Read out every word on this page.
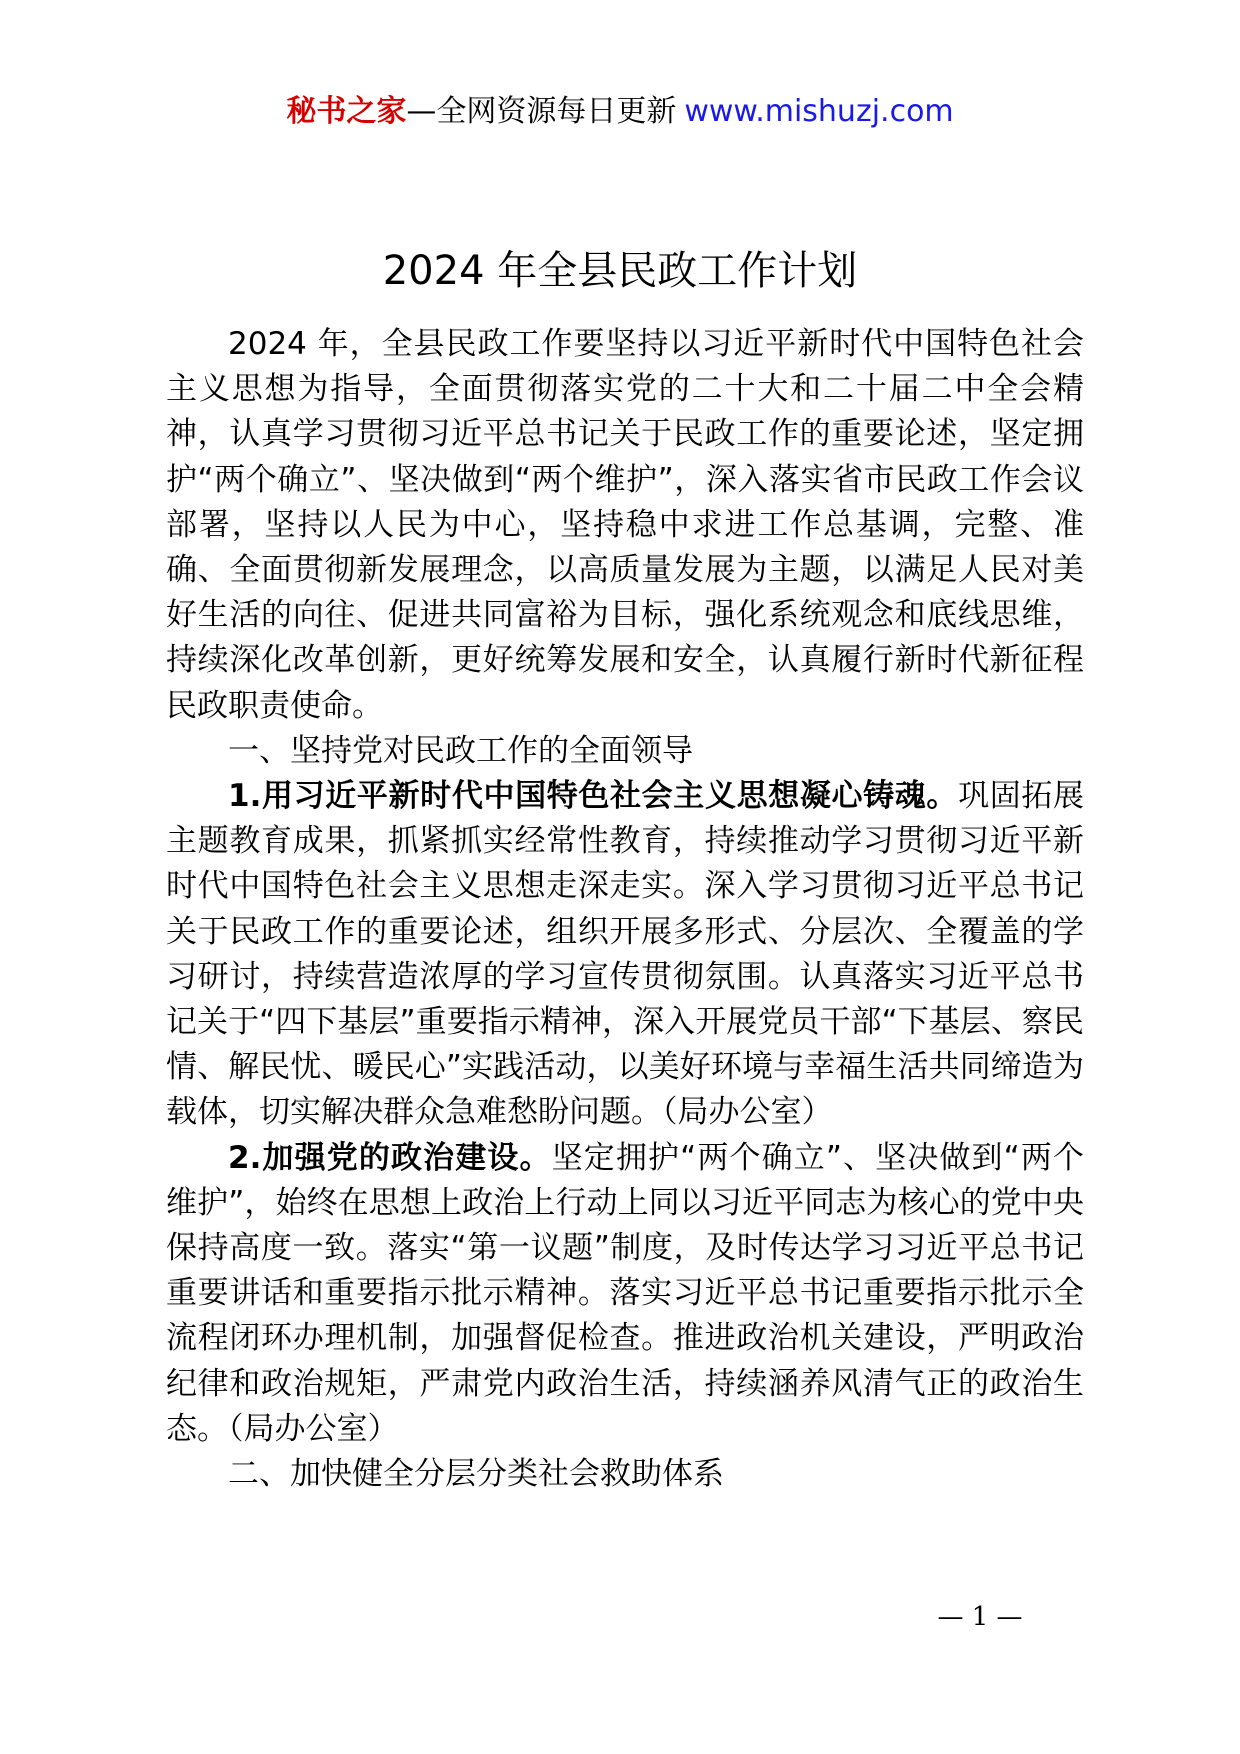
秘书之家—全网资源每日更新 www.mishuzj.com
2024 年全县民政工作计划

2024 年，全县民政工作要坚持以习近平新时代中国特色社会主义思想为指导，全面贯彻落实党的二十大和二十届二中全会精神，认真学习贯彻习近平总书记关于民政工作的重要论述，坚定拥护“两个确立”、坚决做到“两个维护”，深入落实省市民政工作会议部署，坚持以人民为中心，坚持稳中求进工作总基调，完整、准确、全面贯彻新发展理念，以高质量发展为主题，以满足人民对美好生活的向往、促进共同富裕为目标，强化系统观念和底线思维，持续深化改革创新，更好统筹发展和安全，认真履行新时代新征程民政职责使命。

一、坚持党对民政工作的全面领导

1.用习近平新时代中国特色社会主义思想凝心铸魂。巩固拓展主题教育成果，抓紧抓实经常性教育，持续推动学习贯彻习近平新时代中国特色社会主义思想走深走实。深入学习贯彻习近平总书记关于民政工作的重要论述，组织开展多形式、分层次、全覆盖的学习研讨，持续营造浓厚的学习宣传贯彻氛围。认真落实习近平总书记关于“四下基层”重要指示精神，深入开展党员干部“下基层、察民情、解民忧、暖民心”实践活动，以美好环境与幸福生活共同缔造为载体，切实解决群众急难愁盼问题。（局办公室）

2.加强党的政治建设。坚定拥护“两个确立”、坚决做到“两个维护”，始终在思想上政治上行动上同以习近平同志为核心的党中央保持高度一致。落实“第一议题”制度，及时传达学习习近平总书记重要讲话和重要指示批示精神。落实习近平总书记重要指示批示全流程闭环办理机制，加强督促检查。推进政治机关建设，严明政治纪律和政治规矩，严肃党内政治生活，持续涵养风清气正的政治生态。（局办公室）

二、加快健全分层分类社会救助体系

— 1 —
